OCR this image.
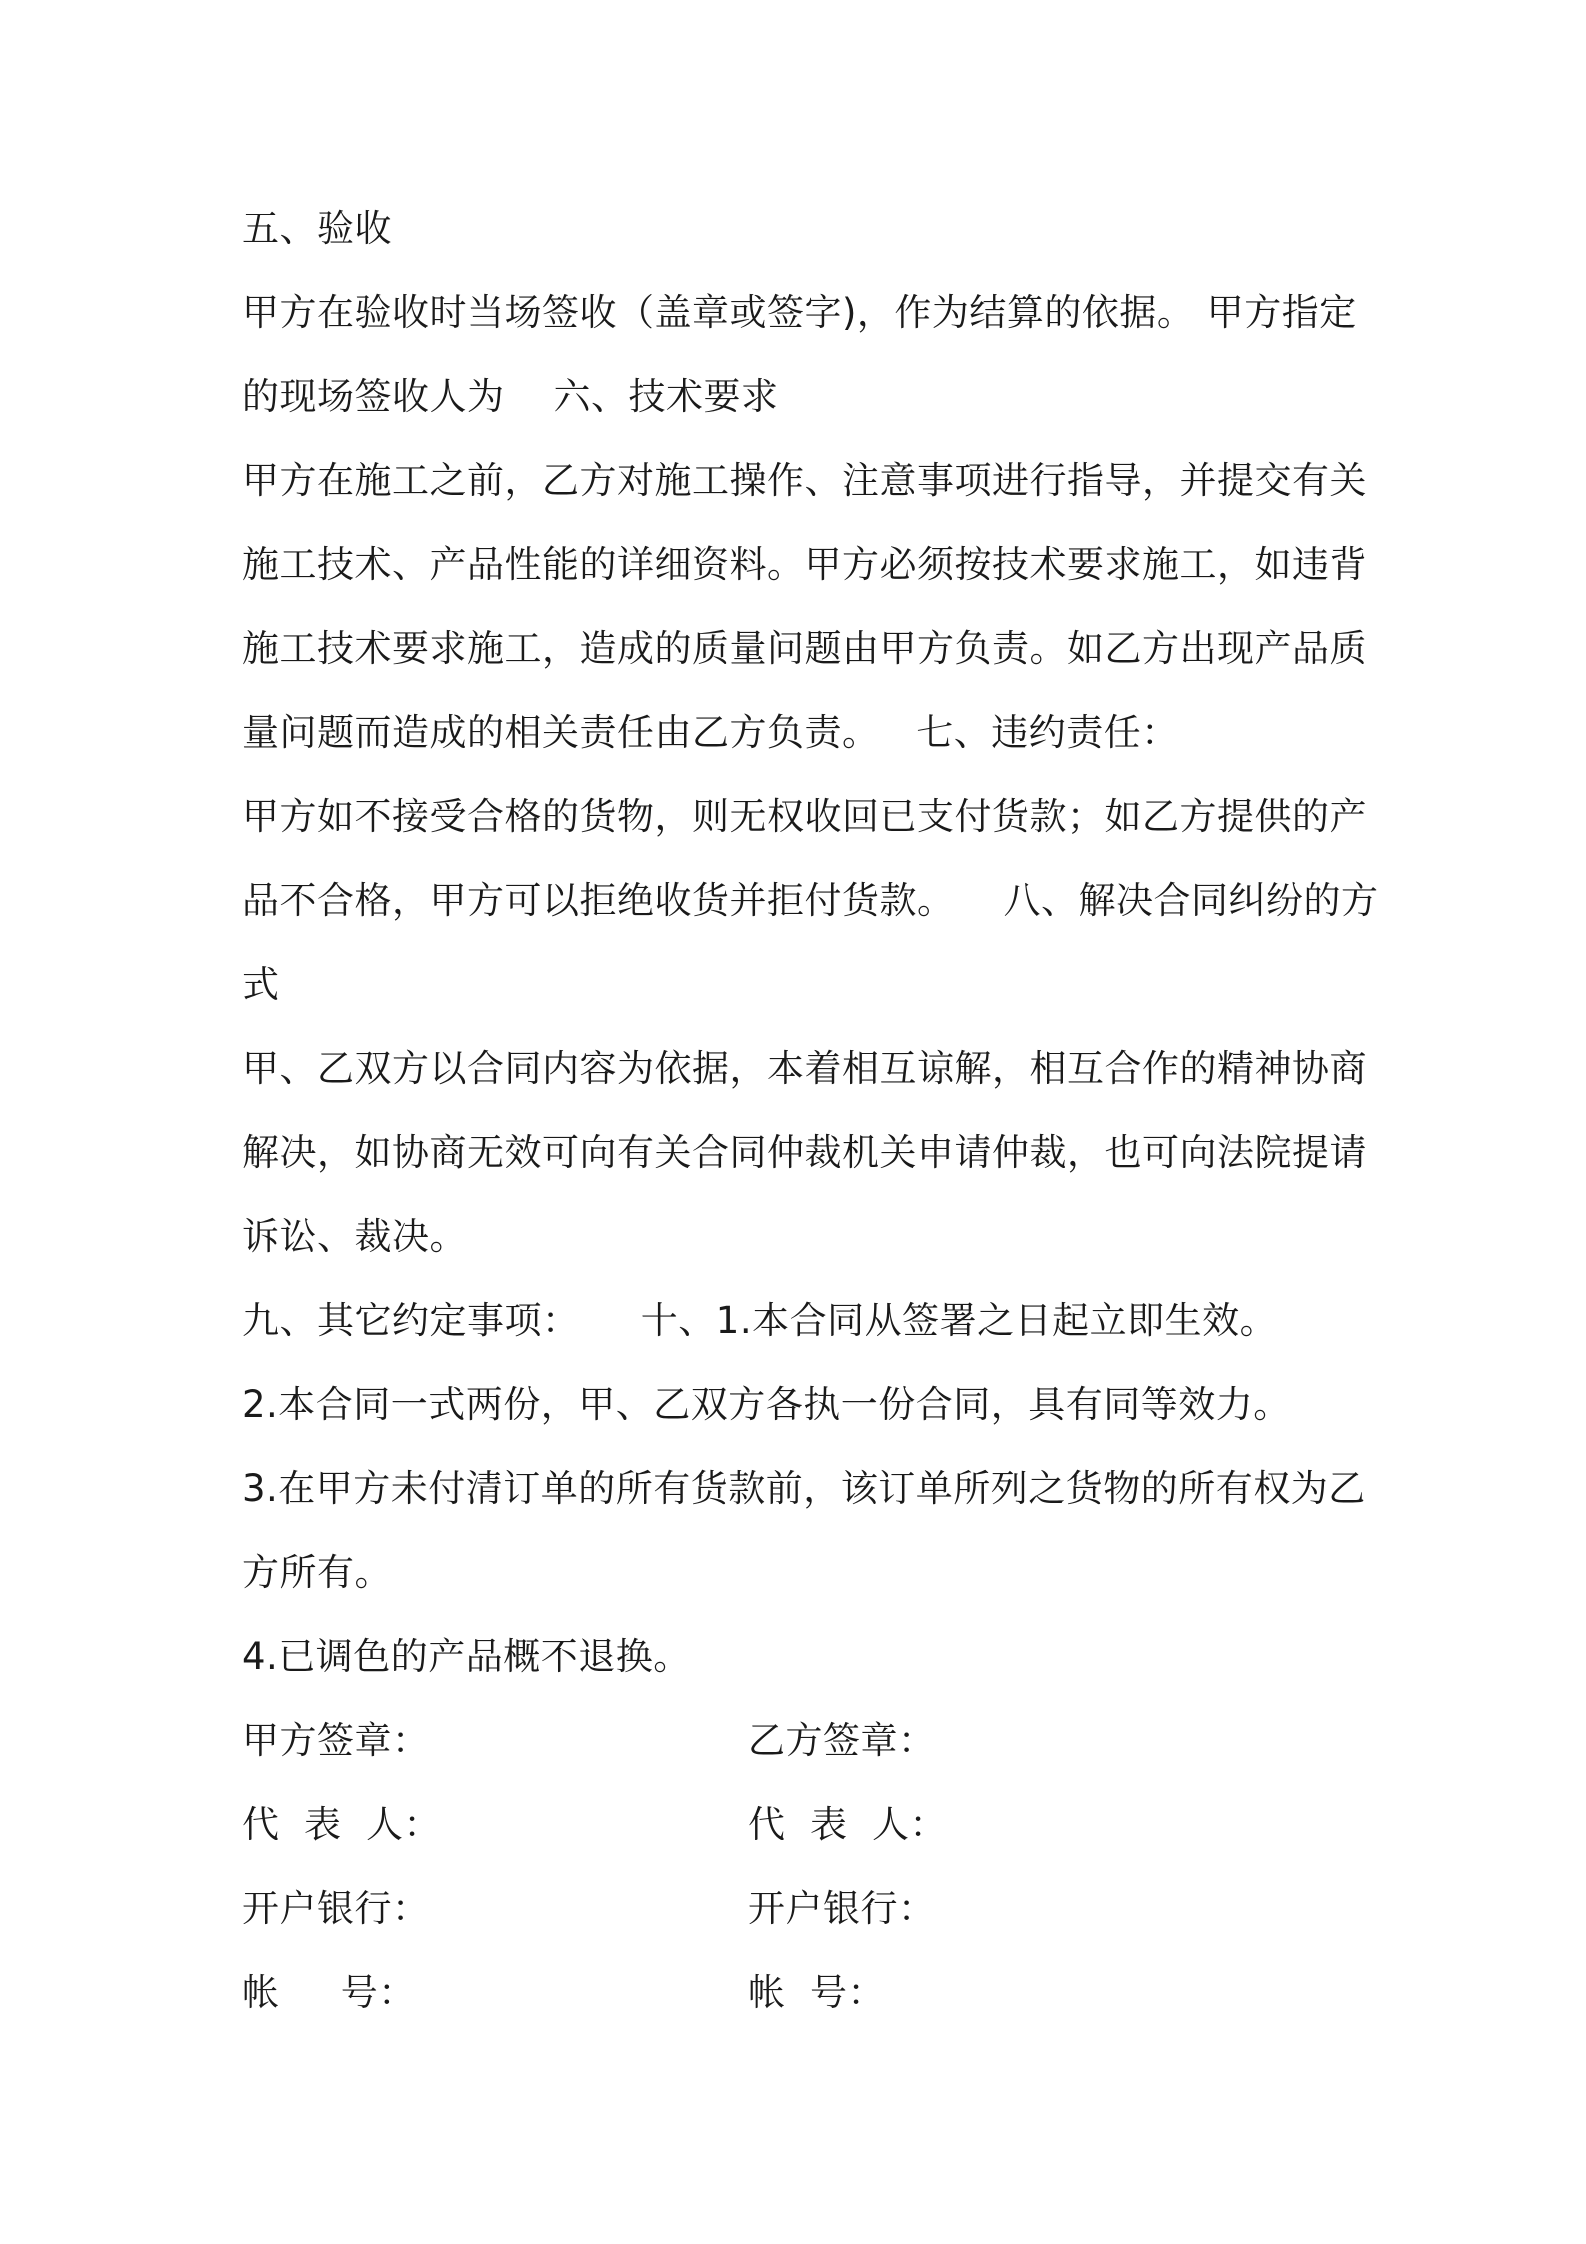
五、验收
甲方在验收时当场签收（盖章或签字)，作为结算的依据。 甲方指定
的现场签收人为    六、技术要求
甲方在施工之前，乙方对施工操作、注意事项进行指导，并提交有关
施工技术、产品性能的详细资料。甲方必须按技术要求施工，如违背
施工技术要求施工，造成的质量问题由甲方负责。如乙方出现产品质
量问题而造成的相关责任由乙方负责。   七、违约责任：
甲方如不接受合格的货物，则无权收回已支付货款；如乙方提供的产
品不合格，甲方可以拒绝收货并拒付货款。    八、解决合同纠纷的方
式
甲、乙双方以合同内容为依据，本着相互谅解，相互合作的精神协商
解决，如协商无效可向有关合同仲裁机关申请仲裁，也可向法院提请
诉讼、裁决。
九、其它约定事项：     十、1.本合同从签署之日起立即生效。
2.本合同一式两份，甲、乙双方各执一份合同，具有同等效力。
3.在甲方未付清订单的所有货款前，该订单所列之货物的所有权为乙
方所有。
4.已调色的产品概不退换。
甲方签章：	乙方签章：
代  表  人：	代  表  人：
开户银行：	开户银行：
帐     号：	帐  号：
